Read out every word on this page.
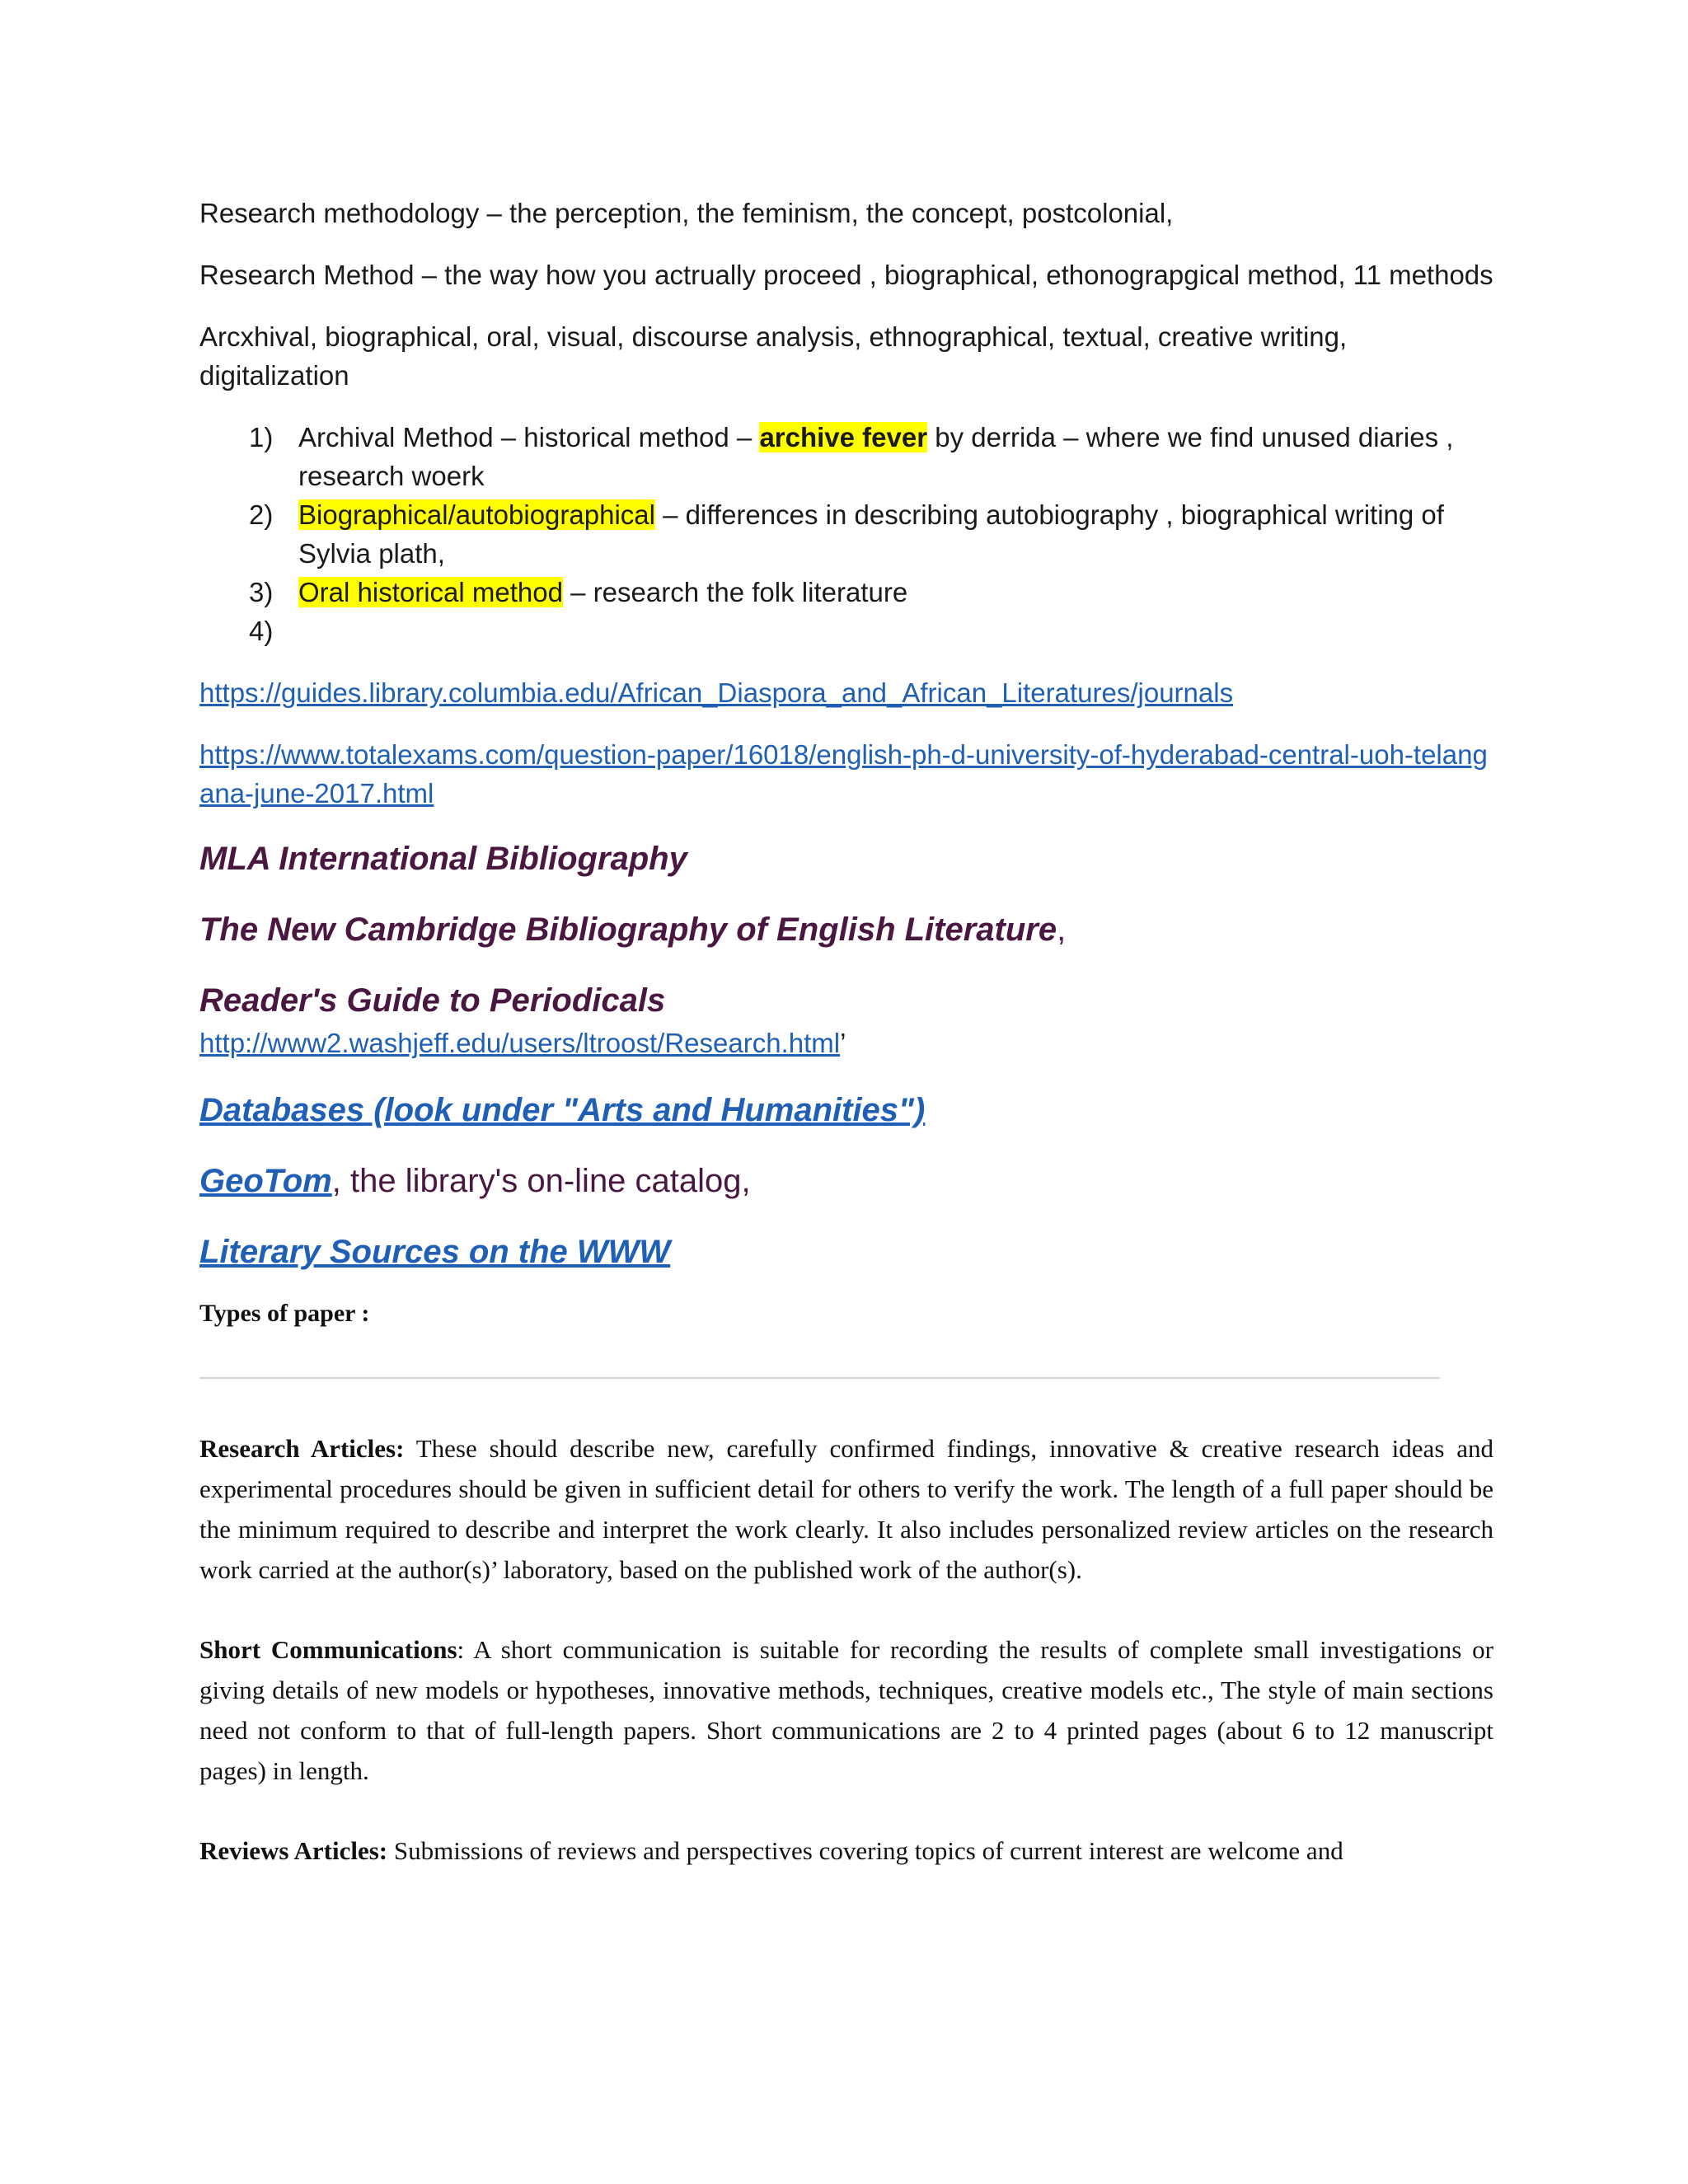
Research methodology – the perception, the feminism, the concept, postcolonial,

Research Method – the way how you actrually proceed , biographical, ethonograpgical method, 11 methods

Arcxhival, biographical, oral, visual, discourse analysis, ethnographical, textual, creative writing, digitalization

1) Archival Method – historical method – archive fever by derrida – where we find unused diaries , research woerk
2) Biographical/autobiographical – differences in describing autobiography , biographical writing of Sylvia plath,
3) Oral historical method – research the folk literature
4)

https://guides.library.columbia.edu/African_Diaspora_and_African_Literatures/journals
https://www.totalexams.com/question-paper/16018/english-ph-d-university-of-hyderabad-central-uoh-telangana-june-2017.html
MLA International Bibliography
The New Cambridge Bibliography of English Literature,
Reader's Guide to Periodicals
http://www2.washjeff.edu/users/ltroost/Research.html’
Databases (look under "Arts and Humanities")
GeoTom, the library's on-line catalog,
Literary Sources on the WWW
Types of paper :

Research Articles: These should describe new, carefully confirmed findings, innovative & creative research ideas and experimental procedures should be given in sufficient detail for others to verify the work. The length of a full paper should be the minimum required to describe and interpret the work clearly. It also includes personalized review articles on the research work carried at the author(s)’ laboratory, based on the published work of the author(s).

Short Communications: A short communication is suitable for recording the results of complete small investigations or giving details of new models or hypotheses, innovative methods, techniques, creative models etc., The style of main sections need not conform to that of full-length papers. Short communications are 2 to 4 printed pages (about 6 to 12 manuscript pages) in length.

Reviews Articles: Submissions of reviews and perspectives covering topics of current interest are welcome and
